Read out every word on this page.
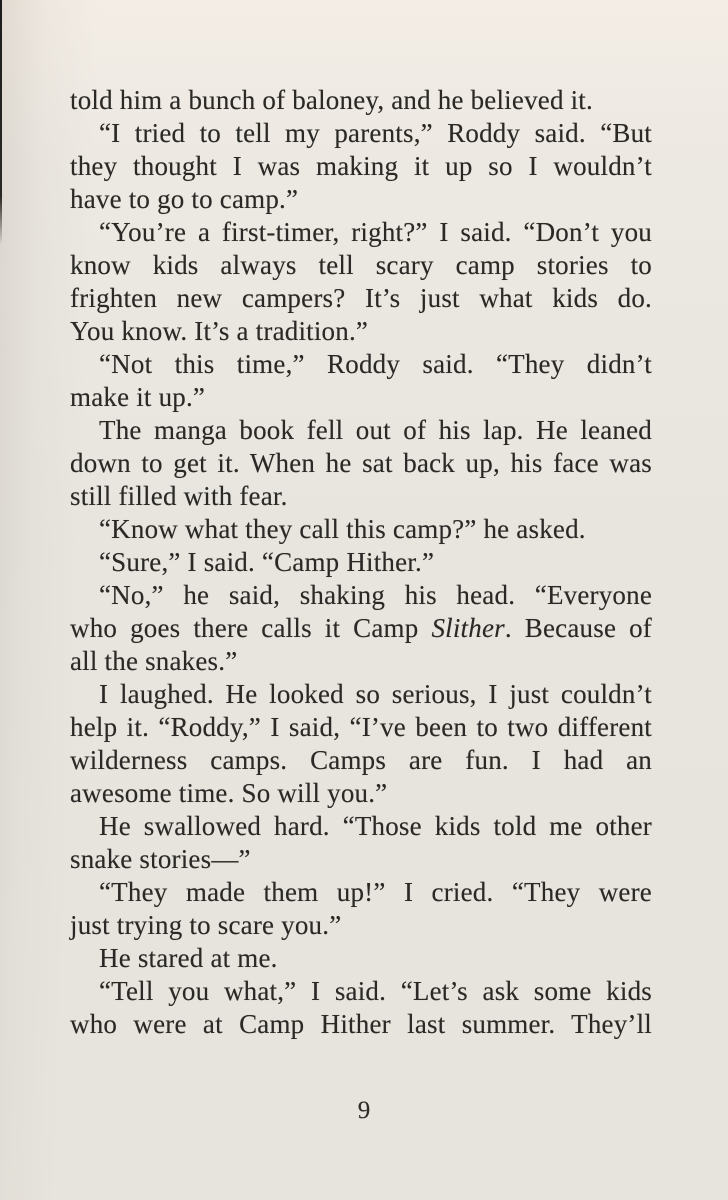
told him a bunch of baloney, and he believed it.
“I tried to tell my parents,” Roddy said. “But
they thought I was making it up so I wouldn’t
have to go to camp.”
“You’re a first-timer, right?” I said. “Don’t you
know kids always tell scary camp stories to
frighten new campers? It’s just what kids do.
You know. It’s a tradition.”
“Not this time,” Roddy said. “They didn’t
make it up.”
The manga book fell out of his lap. He leaned
down to get it. When he sat back up, his face was
still filled with fear.
“Know what they call this camp?” he asked.
“Sure,” I said. “Camp Hither.”
“No,” he said, shaking his head. “Everyone
who goes there calls it Camp Slither. Because of
all the snakes.”
I laughed. He looked so serious, I just couldn’t
help it. “Roddy,” I said, “I’ve been to two different
wilderness camps. Camps are fun. I had an
awesome time. So will you.”
He swallowed hard. “Those kids told me other
snake stories—”
“They made them up!” I cried. “They were
just trying to scare you.”
He stared at me.
“Tell you what,” I said. “Let’s ask some kids
who were at Camp Hither last summer. They’ll
9
